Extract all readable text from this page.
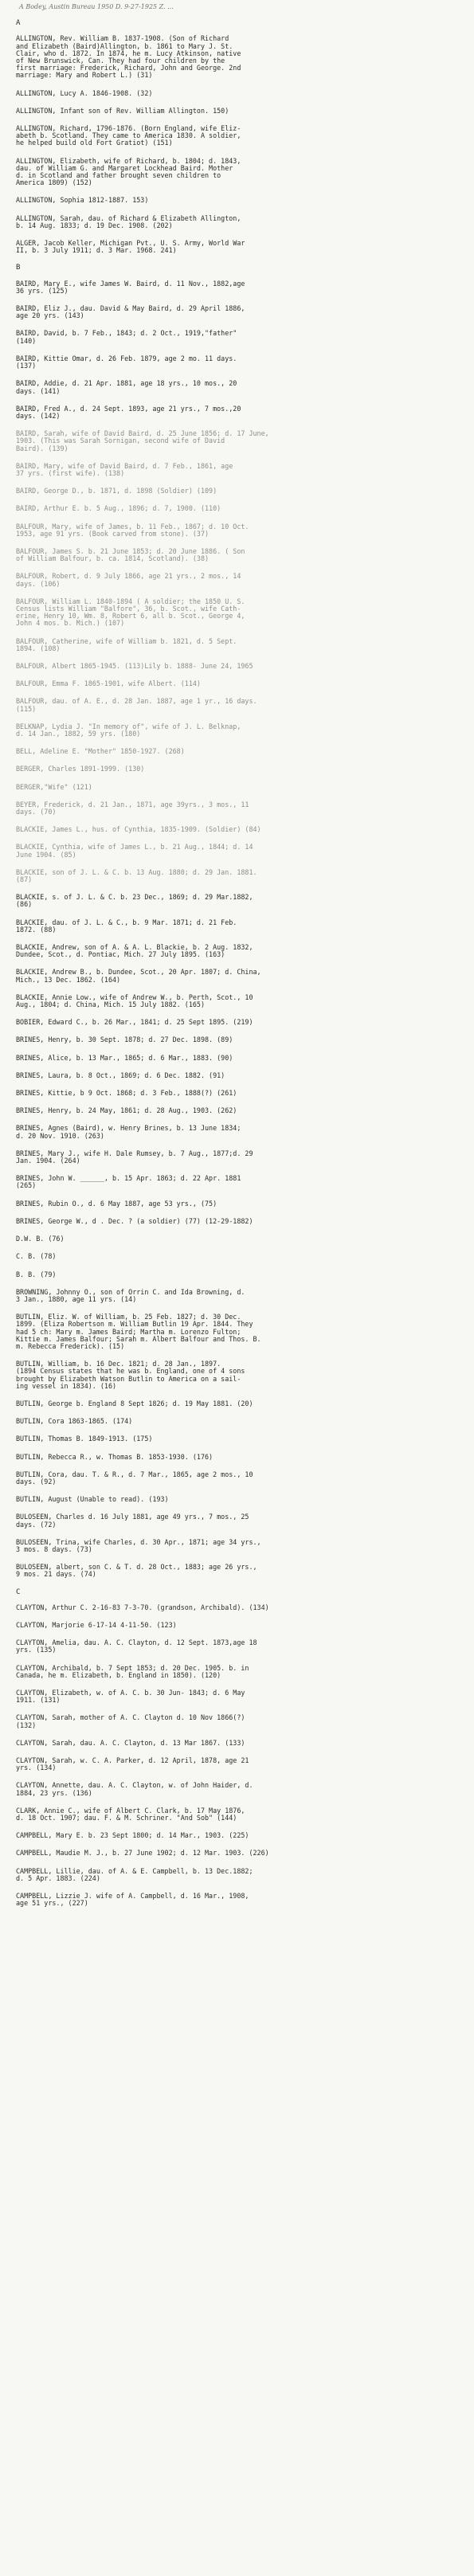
A Bodey, Austin Bureau 1950 D. 9-27-1925 Z. ...
A
ALLINGTON, Rev. William B. 1837-1908. (Son of Richard
and Elizabeth (Baird)Allington, b. 1861 to Mary J. St.
Clair, who d. 1872. In 1874, he m. Lucy Atkinson, native
of New Brunswick, Can. They had four children by the
first marriage: Frederick, Richard, John and George. 2nd
marriage: Mary and Robert L.) (31)
ALLINGTON, Lucy A. 1846-1908. (32)
ALLINGTON, Infant son of Rev. William Allington. 150)
ALLINGTON, Richard, 1796-1876. (Born England, wife Eliz-
abeth b. Scotland. They came to America 1830. A soldier,
he helped build old Fort Gratiot) (151)
ALLINGTON, Elizabeth, wife of Richard, b. 1804; d. 1843,
dau. of William G. and Margaret Lockhead Baird. Mother
d. in Scotland and father brought seven children to
America 1809) (152)
ALLINGTON, Sophia 1812-1887. 153)
ALLINGTON, Sarah, dau. of Richard & Elizabeth Allington,
b. 14 Aug. 1833; d. 19 Dec. 1908. (202)
ALGER, Jacob Keller, Michigan Pvt., U. S. Army, World War
II, b. 3 July 1911; d. 3 Mar. 1968. 241)
B
BAIRD, Mary E., wife James W. Baird, d. 11 Nov., 1882,age
36 yrs. (125)
BAIRD, Eliz J., dau. David & May Baird, d. 29 April 1886,
age 20 yrs. (143)
BAIRD, David, b. 7 Feb., 1843; d. 2 Oct., 1919,"father"
(140)
BAIRD, Kittie Omar, d. 26 Feb. 1879, age 2 mo. 11 days.
(137)
BAIRD, Addie, d. 21 Apr. 1881, age 18 yrs., 10 mos., 20
days. (141)
BAIRD, Fred A., d. 24 Sept. 1893, age 21 yrs., 7 mos.,20
days. (142)
BAIRD, Sarah, wife of David Baird, d. 25 June 1856; d. 17 June,
1903. (This was Sarah Sornigan, second wife of David
Baird). (139)
BAIRD, Mary, wife of David Baird, d. 7 Feb., 1861, age
37 yrs. (first wife). (138)
BAIRD, George D., b. 1871, d. 1898 (Soldier) (109)
BAIRD, Arthur E. b. 5 Aug., 1896; d. 7, 1900. (110)
BALFOUR, Mary, wife of James, b. 11 Feb., 1867; d. 10 Oct.
1953, age 91 yrs. (Book carved from stone). (37)
BALFOUR, James S. b. 21 June 1853; d. 20 June 1886. ( Son
of William Balfour, b. ca. 1814, Scotland). (38)
BALFOUR, Robert, d. 9 July 1866, age 21 yrs., 2 mos., 14
days. (106)
BALFOUR, William L. 1840-1894 ( A soldier; the 1850 U. S.
Census lists William "Balfore", 36, b. Scot., wife Cath-
erine, Henry 10, Wm. 8, Robert 6, all b. Scot., George 4,
John 4 mos. b. Mich.) (107)
BALFOUR, Catherine, wife of William b. 1821, d. 5 Sept.
1894. (108)
BALFOUR, Albert 1865-1945. (113)Lily b. 1888- June 24, 1965
BALFOUR, Emma F. 1865-1901, wife Albert. (114)
BALFOUR, dau. of A. E., d. 28 Jan. 1887, age 1 yr., 16 days.
(115)
BELKNAP, Lydia J. "In memory of", wife of J. L. Belknap,
d. 14 Jan., 1882, 59 yrs. (180)
BELL, Adeline E. "Mother" 1850-1927. (268)
BERGER, Charles 1891-1999. (130)
BERGER,"Wife" (121)
BEYER, Frederick, d. 21 Jan., 1871, age 39yrs., 3 mos., 11
days. (70)
BLACKIE, James L., hus. of Cynthia, 1835-1909. (Soldier) (84)
BLACKIE, Cynthia, wife of James L., b. 21 Aug., 1844; d. 14
June 1904. (85)
BLACKIE, son of J. L. & C. b. 13 Aug. 1880; d. 29 Jan. 1881.
(87)
BLACKIE, s. of J. L. & C. b. 23 Dec., 1869; d. 29 Mar.1882,
(86)
BLACKIE, dau. of J. L. & C., b. 9 Mar. 1871; d. 21 Feb.
1872. (88)
BLACKIE, Andrew, son of A. & A. L. Blackie, b. 2 Aug. 1832,
Dundee, Scot., d. Pontiac, Mich. 27 July 1895. (163)
BLACKIE, Andrew B., b. Dundee, Scot., 20 Apr. 1807; d. China,
Mich., 13 Dec. 1862. (164)
BLACKIE, Annie Low., wife of Andrew W., b. Perth, Scot., 10
Aug., 1804; d. China, Mich. 15 July 1882. (165)
BOBIER, Edward C., b. 26 Mar., 1841; d. 25 Sept 1895. (219)
BRINES, Henry, b. 30 Sept. 1878; d. 27 Dec. 1898. (89)
BRINES, Alice, b. 13 Mar., 1865; d. 6 Mar., 1883. (90)
BRINES, Laura, b. 8 Oct., 1869; d. 6 Dec. 1882. (91)
BRINES, Kittie, b 9 Oct. 1868; d. 3 Feb., 1888(?) (261)
BRINES, Henry, b. 24 May, 1861; d. 28 Aug., 1903. (262)
BRINES, Agnes (Baird), w. Henry Brines, b. 13 June 1834;
d. 20 Nov. 1910. (263)
BRINES, Mary J., wife H. Dale Rumsey, b. 7 Aug., 1877;d. 29
Jan. 1904. (264)
BRINES, John W. ______, b. 15 Apr. 1863; d. 22 Apr. 1881
(265)
BRINES, Rubin O., d. 6 May 1887, age 53 yrs., (75)
BRINES, George W., d . Dec. ? (a soldier) (77) (12-29-1882)
D.W. B. (76)
C. B. (78)
B. B. (79)
BROWNING, Johnny O., son of Orrin C. and Ida Browning, d.
3 Jan., 1880, age 11 yrs. (14)
BUTLIN, Eliz. W. of William, b. 25 Feb. 1827; d. 30 Dec.
1899. (Eliza Robertson m. William Butlin 19 Apr. 1844. They
had 5 ch: Mary m. James Baird; Martha m. Lorenzo Fulton;
Kittie m. James Balfour; Sarah m. Albert Balfour and Thos. B.
m. Rebecca Frederick). (15)
BUTLIN, William, b. 16 Dec. 1821; d. 28 Jan., 1897.
(1894 Census states that he was b. England, one of 4 sons
brought by Elizabeth Watson Butlin to America on a sail-
ing vessel in 1834). (16)
BUTLIN, George b. England 8 Sept 1826; d. 19 May 1881. (20)
BUTLIN, Cora 1863-1865. (174)
BUTLIN, Thomas B. 1849-1913. (175)
BUTLIN, Rebecca R., w. Thomas B. 1853-1930. (176)
BUTLIN, Cora, dau. T. & R., d. 7 Mar., 1865, age 2 mos., 10
days. (92)
BUTLIN, August (Unable to read). (193)
BULOSEEN, Charles d. 16 July 1881, age 49 yrs., 7 mos., 25
days. (72)
BULOSEEN, Trina, wife Charles, d. 30 Apr., 1871; age 34 yrs.,
3 mos. 8 days. (73)
BULOSEEN, albert, son C. & T. d. 28 Oct., 1883; age 26 yrs.,
9 mos. 21 days. (74)
C
CLAYTON, Arthur C. 2-16-83 7-3-70. (grandson, Archibald). (134)
CLAYTON, Marjorie 6-17-14 4-11-50. (123)
CLAYTON, Amelia, dau. A. C. Clayton, d. 12 Sept. 1873,age 18
yrs. (135)
CLAYTON, Archibald, b. 7 Sept 1853; d. 20 Dec. 1905. b. in
Canada, he m. Elizabeth, b. England in 1850). (120)
CLAYTON, Elizabeth, w. of A. C. b. 30 Jun- 1843; d. 6 May
1911. (131)
CLAYTON, Sarah, mother of A. C. Clayton d. 10 Nov 1866(?)
(132)
CLAYTON, Sarah, dau. A. C. Clayton, d. 13 Mar 1867. (133)
CLAYTON, Sarah, w. C. A. Parker, d. 12 April, 1878, age 21
yrs. (134)
CLAYTON, Annette, dau. A. C. Clayton, w. of John Haider, d.
1884, 23 yrs. (136)
CLARK, Annie C., wife of Albert C. Clark, b. 17 May 1876,
d. 18 Oct. 1907; dau. F. & M. Schriner. "And Sob" (144)
CAMPBELL, Mary E. b. 23 Sept 1800; d. 14 Mar., 1903. (225)
CAMPBELL, Maudie M. J., b. 27 June 1902; d. 12 Mar. 1903. (226)
CAMPBELL, Lillie, dau. of A. & E. Campbell, b. 13 Dec.1882;
d. 5 Apr. 1883. (224)
CAMPBELL, Lizzie J. wife of A. Campbell, d. 16 Mar., 1908,
age 51 yrs., (227)
